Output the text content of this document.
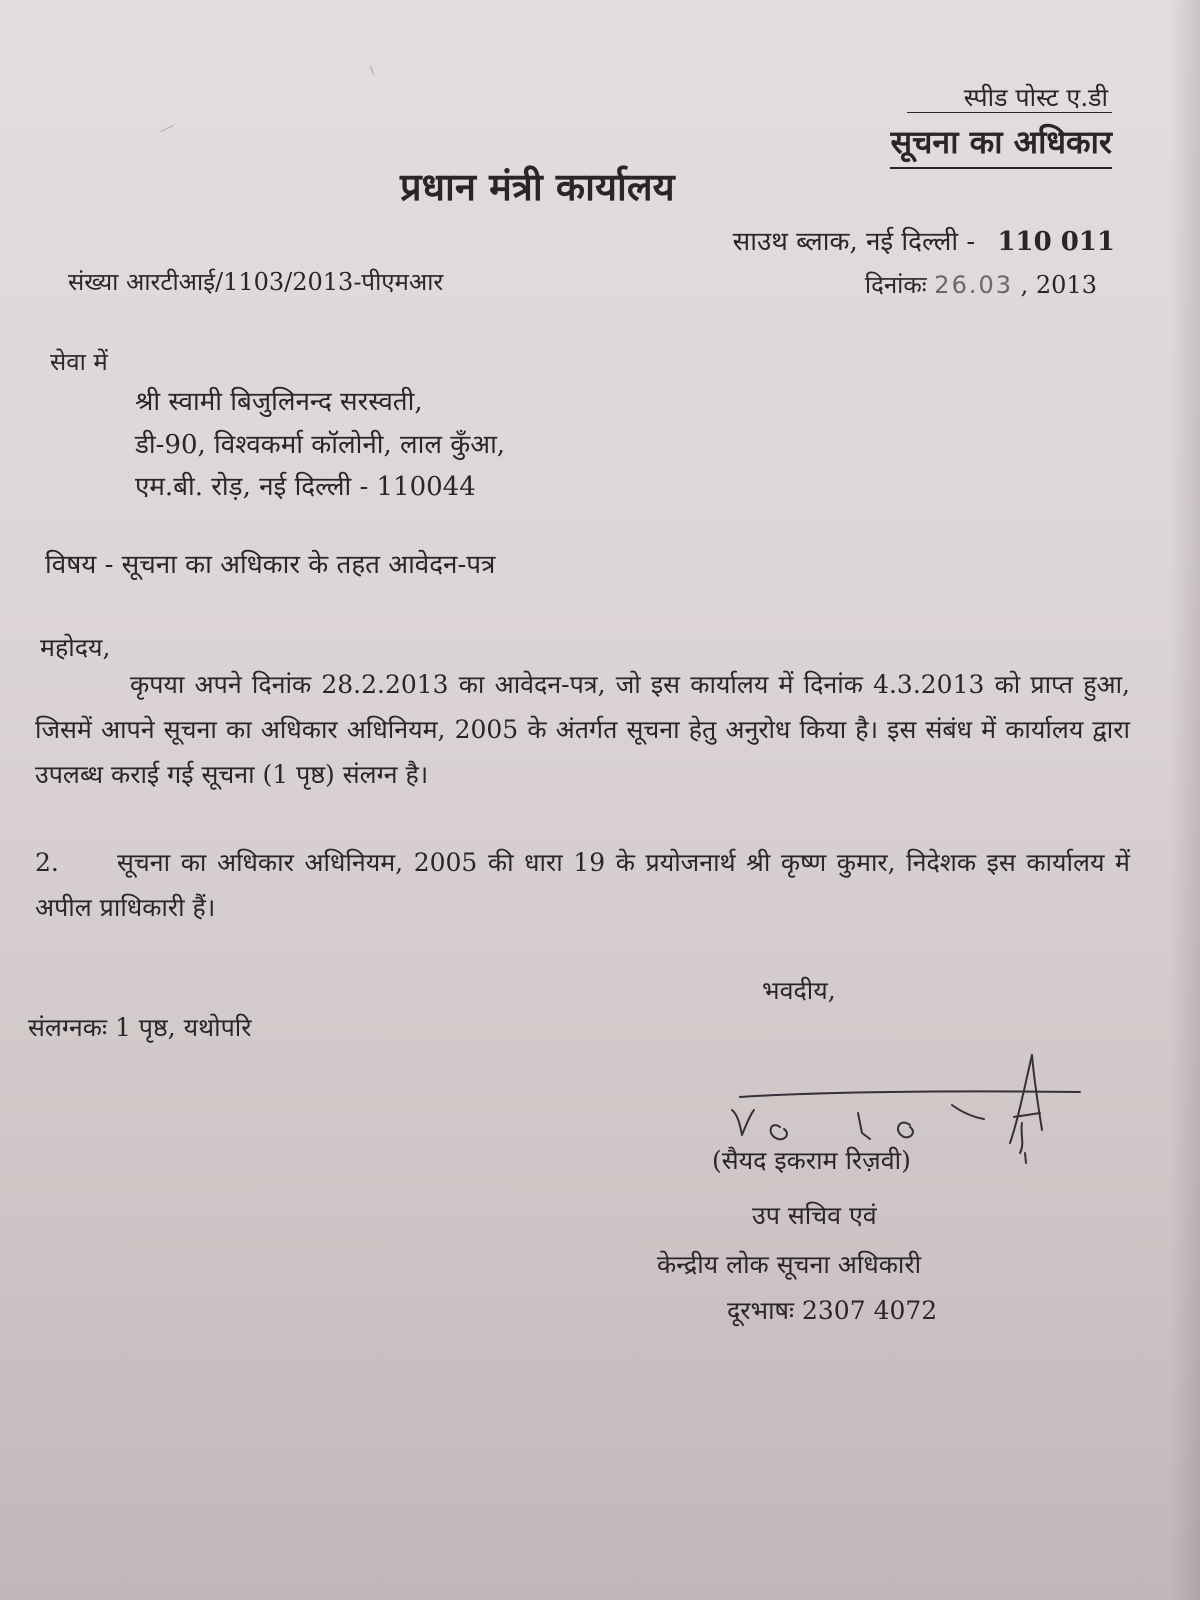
स्पीड पोस्ट ए.डी
सूचना का अधिकार
प्रधान मंत्री कार्यालय
साउथ ब्लाक, नई दिल्ली - 110 011
संख्या आरटीआई/1103/2013-पीएमआर	दिनांकः 26.03 , 2013
सेवा में
श्री स्वामी बिजुलिनन्द सरस्वती,
डी-90, विश्वकर्मा कॉलोनी, लाल कुँआ,
एम.बी. रोड़, नई दिल्ली - 110044
विषय - सूचना का अधिकार के तहत आवेदन-पत्र
महोदय,
कृपया अपने दिनांक 28.2.2013 का आवेदन-पत्र, जो इस कार्यालय में दिनांक 4.3.2013 को प्राप्त हुआ, जिसमें आपने सूचना का अधिकार अधिनियम, 2005 के अंतर्गत सूचना हेतु अनुरोध किया है। इस संबंध में कार्यालय द्वारा उपलब्ध कराई गई सूचना (1 पृष्ठ) संलग्न है।
2. सूचना का अधिकार अधिनियम, 2005 की धारा 19 के प्रयोजनार्थ श्री कृष्ण कुमार, निदेशक इस कार्यालय में अपील प्राधिकारी हैं।
भवदीय,
संलग्नकः 1 पृष्ठ, यथोपरि
(सैयद इकराम रिज़वी)
उप सचिव एवं
केन्द्रीय लोक सूचना अधिकारी
दूरभाषः 2307 4072
